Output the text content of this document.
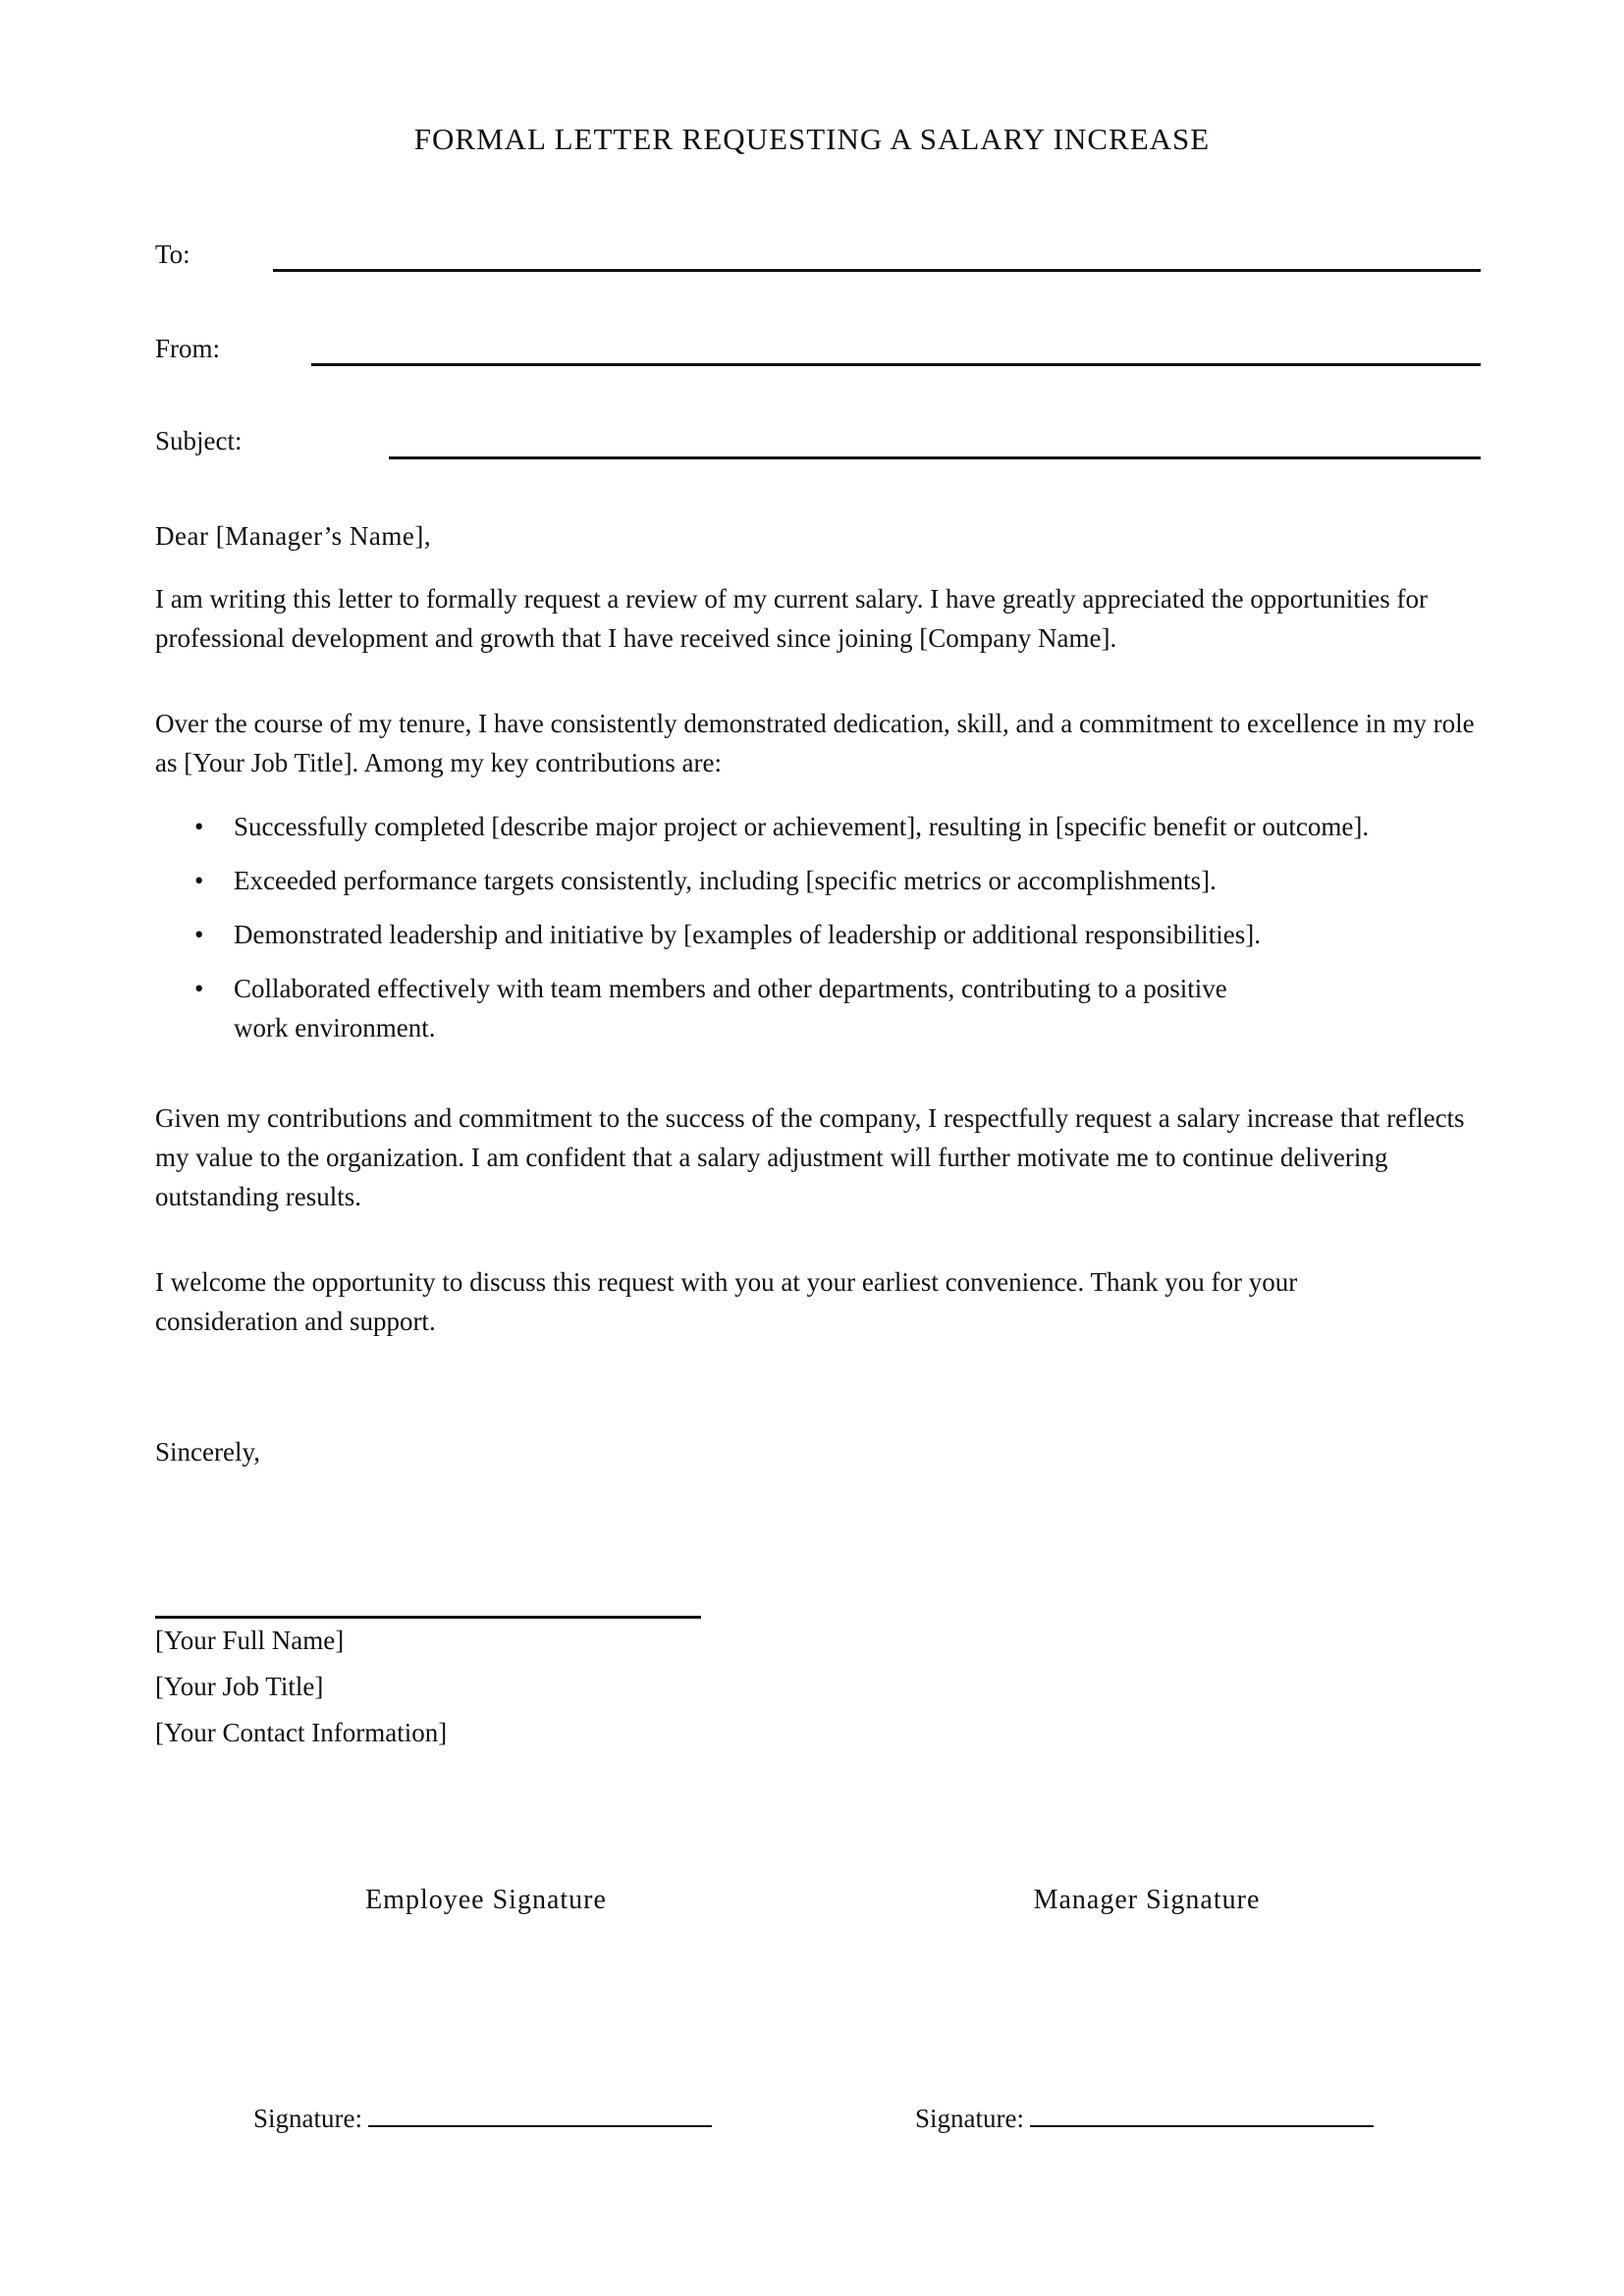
FORMAL LETTER REQUESTING A SALARY INCREASE
To:
From:
Subject:

Dear [Manager’s Name],

I am writing this letter to formally request a review of my current salary. I have greatly appreciated the opportunities for professional development and growth that I have received since joining [Company Name].

Over the course of my tenure, I have consistently demonstrated dedication, skill, and a commitment to excellence in my role as [Your Job Title]. Among my key contributions are:

• Successfully completed [describe major project or achievement], resulting in [specific benefit or outcome].
• Exceeded performance targets consistently, including [specific metrics or accomplishments].
• Demonstrated leadership and initiative by [examples of leadership or additional responsibilities].
• Collaborated effectively with team members and other departments, contributing to a positive work environment.

Given my contributions and commitment to the success of the company, I respectfully request a salary increase that reflects my value to the organization. I am confident that a salary adjustment will further motivate me to continue delivering outstanding results.

I welcome the opportunity to discuss this request with you at your earliest convenience. Thank you for your consideration and support.

Sincerely,
[Your Full Name]
[Your Job Title]
[Your Contact Information]
Employee Signature	Manager Signature
Signature:	Signature:
